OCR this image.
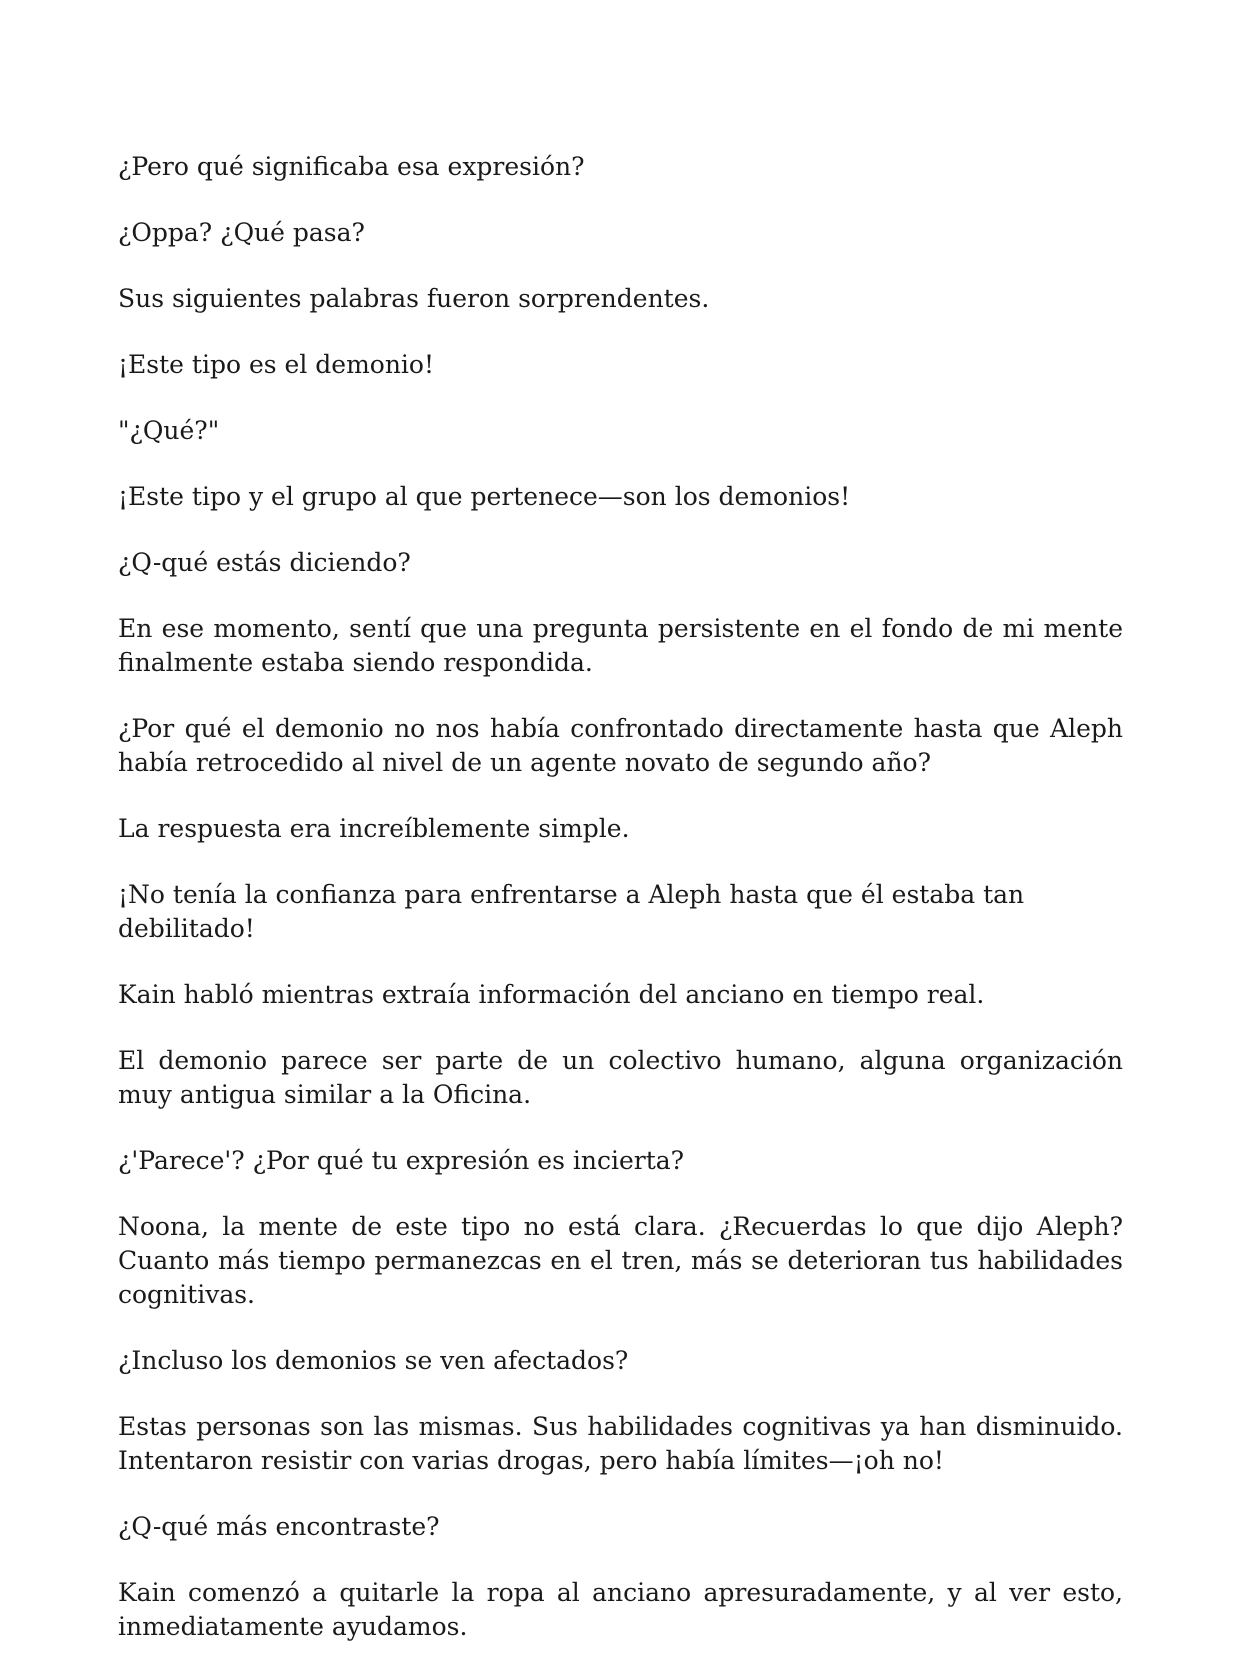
¿Pero qué significaba esa expresión?

¿Oppa? ¿Qué pasa?

Sus siguientes palabras fueron sorprendentes.

¡Este tipo es el demonio!

"¿Qué?"

¡Este tipo y el grupo al que pertenece—son los demonios!

¿Q-qué estás diciendo?

En ese momento, sentí que una pregunta persistente en el fondo de mi mente finalmente estaba siendo respondida.

¿Por qué el demonio no nos había confrontado directamente hasta que Aleph había retrocedido al nivel de un agente novato de segundo año?

La respuesta era increíblemente simple.

¡No tenía la confianza para enfrentarse a Aleph hasta que él estaba tan debilitado!

Kain habló mientras extraía información del anciano en tiempo real.

El demonio parece ser parte de un colectivo humano, alguna organización muy antigua similar a la Oficina.

¿'Parece'? ¿Por qué tu expresión es incierta?

Noona, la mente de este tipo no está clara. ¿Recuerdas lo que dijo Aleph? Cuanto más tiempo permanezcas en el tren, más se deterioran tus habilidades cognitivas.

¿Incluso los demonios se ven afectados?

Estas personas son las mismas. Sus habilidades cognitivas ya han disminuido. Intentaron resistir con varias drogas, pero había límites—¡oh no!

¿Q-qué más encontraste?

Kain comenzó a quitarle la ropa al anciano apresuradamente, y al ver esto, inmediatamente ayudamos.
